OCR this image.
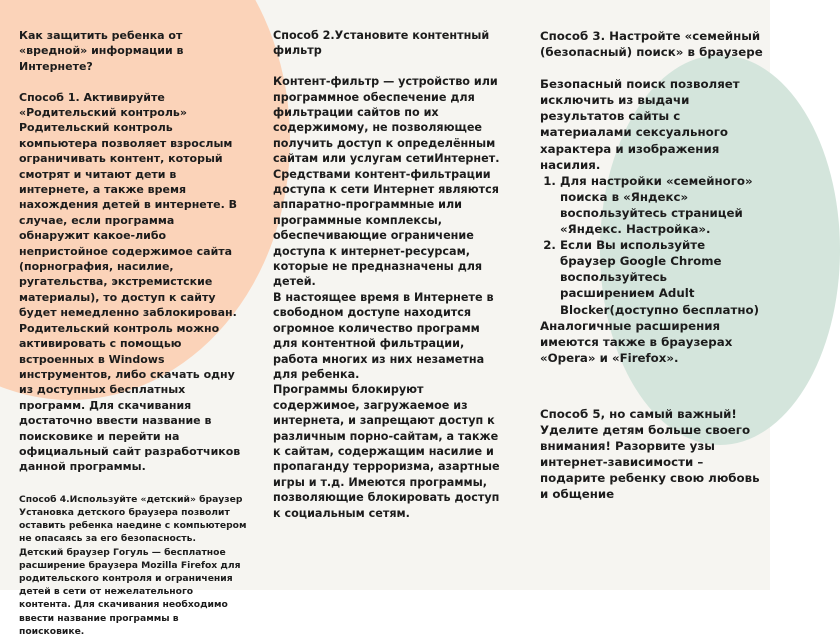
Как защитить ребенка от «вредной» информации в Интернете?

Способ 1. Активируйте «Родительский контроль»

Родительский контроль компьютера позволяет взрослым ограничивать контент, который смотрят и читают дети в интернете, а также время нахождения детей в интернете. В случае, если программа обнаружит какое-либо непристойное содержимое сайта (порнография, насилие, ругательства, экстремистские материалы), то доступ к сайту будет немедленно заблокирован.

Родительский контроль можно активировать с помощью встроенных в Windows инструментов, либо скачать одну из доступных бесплатных программ. Для скачивания достаточно ввести название в поисковике и перейти на официальный сайт разработчиков данной программы.

Способ 4.Используйте «детский» браузер

Установка детского браузера позволит оставить ребенка наедине с компьютером не опасаясь за его безопасность.

Детский браузер Гогуль — бесплатное расширение браузера Mozilla Firefox для родительского контроля и ограничения детей в сети от нежелательного контента. Для скачивания необходимо ввести название программы в поисковике.

Способ 2.Установите контентный фильтр

Контент-фильтр — устройство или программное обеспечение для фильтрации сайтов по их содержимому, не позволяющее получить доступ к определённым сайтам или услугам сетиИнтернет. Средствами контент-фильтрации доступа к сети Интернет являются аппаратно-программные или программные комплексы, обеспечивающие ограничение доступа к интернет-ресурсам, которые не предназначены для детей.

В настоящее время в Интернете в свободном доступе находится огромное количество программ для контентной фильтрации, работа многих из них незаметна для ребенка.

Программы блокируют содержимое, загружаемое из интернета, и запрещают доступ к различным порно-сайтам, а также к сайтам, содержащим насилие и пропаганду терроризма, азартные игры и т.д. Имеются программы, позволяющие блокировать доступ к социальным сетям.

Способ 3. Настройте «семейный (безопасный) поиск» в браузере

Безопасный поиск позволяет исключить из выдачи результатов сайты с материалами сексуального характера и изображения насилия.

1. Для настройки «семейного» поиска в «Яндекс» воспользуйтесь страницей «Яндекс. Настройка».
2. Если Вы используйте браузер Google Chrome воспользуйтесь расширением Adult Blocker(доступно бесплатно)

Аналогичные расширения имеются также в браузерах «Opera» и «Firefox».

Способ 5, но самый важный! Уделите детям больше своего внимания! Разорвите узы интернет-зависимости – подарите ребенку свою любовь и общение
